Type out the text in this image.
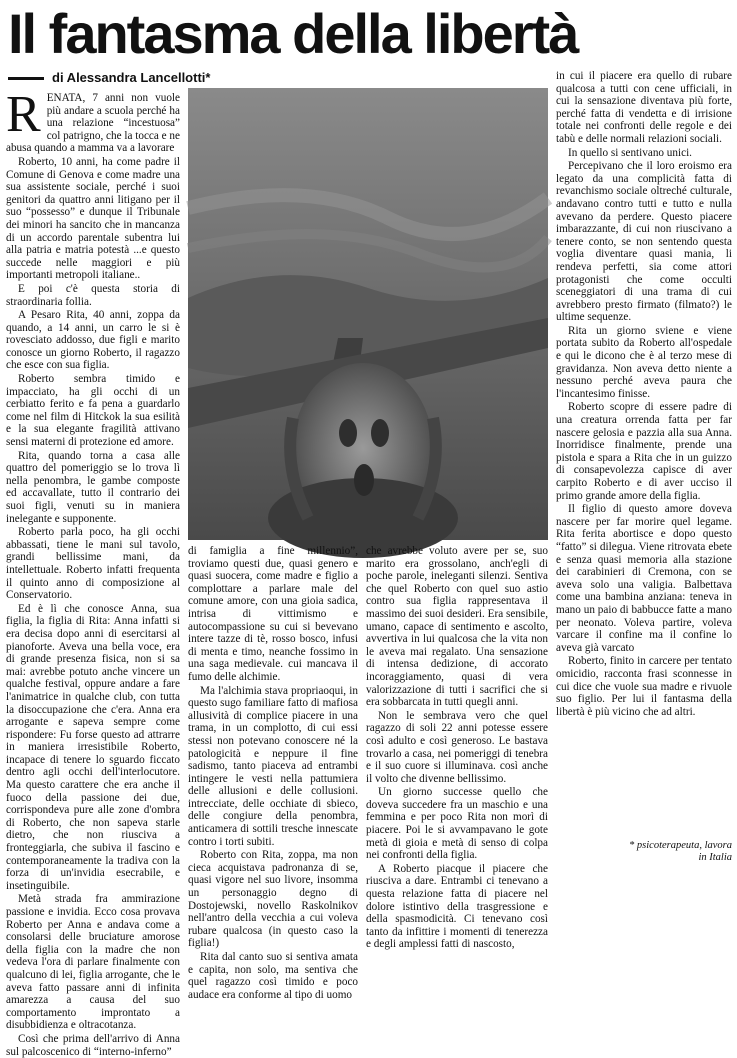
Il fantasma della libertà
di Alessandra Lancellotti*

RENATA, 7 anni non vuole più andare a scuola perché ha una relazione “incestuosa” col patrigno, che la tocca e ne abusa quando a mamma va a lavorare

Roberto, 10 anni, ha come padre il Comune di Genova e come madre una sua assistente sociale, perché i suoi genitori da quattro anni litigano per il suo “possesso” e dunque il Tribunale dei minori ha sancito che in mancanza di un accordo parentale subentra lui alla patria e matria potestà ...e questo succede nelle maggiori e più importanti metropoli italiane..

E poi c'è questa storia di straordinaria follia.

A Pesaro Rita, 40 anni, zoppa da quando, a 14 anni, un carro le si è rovesciato addosso, due figli e marito conosce un giorno Roberto, il ragazzo che esce con sua figlia.

Roberto sembra timido e impacciato, ha gli occhi di un cerbiatto ferito e fa pena a guardarlo come nel film di Hitckok la sua esilità e la sua elegante fragilità attivano sensi materni di protezione ed amore.

Rita, quando torna a casa alle quattro del pomeriggio se lo trova lì nella penombra, le gambe composte ed accavallate, tutto il contrario dei suoi figli, venuti su in maniera inelegante e supponente.

Roberto parla poco, ha gli occhi abbassati, tiene le mani sul tavolo, grandi bellissime mani, da intellettuale. Roberto infatti frequenta il quinto anno di composizione al Conservatorio.

Ed è lì che conosce Anna, sua figlia, la figlia di Rita: Anna infatti si era decisa dopo anni di esercitarsi al pianoforte. Aveva una bella voce, era di grande presenza fisica, non si sa mai: avrebbe potuto anche vincere un qualche festival, oppure andare a fare l'animatrice in qualche club, con tutta la disoccupazione che c'era. Anna era arrogante e sapeva sempre come rispondere: Fu forse questo ad attrarre in maniera irresistibile Roberto, incapace di tenere lo sguardo ficcato dentro agli occhi dell'interlocutore. Ma questo carattere che era anche il fuoco della passione dei due, corrispondeva pure alle zone d'ombra di Roberto, che non sapeva starle dietro, che non riusciva a fronteggiarla, che subiva il fascino e contemporaneamente la tradiva con la forza di un'invidia esecrabile, e insetinguibile.

Metà strada fra ammirazione passione e invidia. Ecco cosa provava Roberto per Anna e andava come a consolarsi delle bruciature amorose della figlia con la madre che non vedeva l'ora di parlare finalmente con qualcuno di lei, figlia arrogante, che le aveva fatto passare anni di infinita amarezza a causa del suo comportamento improntato a disubbidienza e oltracotanza.

Così che prima dell'arrivo di Anna sul palcoscenico di “interno-inferno”

di famiglia a fine millennio”, troviamo questi due, quasi genero e quasi suocera, come madre e figlio a complottare a parlare male del comune amore, con una gioia sadica, intrisa di vittimismo e autocompassione su cui si bevevano intere tazze di tè, rosso bosco, infusi di menta e timo, neanche fossimo in una saga medievale. cui mancava il fumo delle alchimie.

Ma l'alchimia stava propriaoqui, in questo sugo familiare fatto di mafiosa allusività di complice piacere in una trama, in un complotto, di cui essi stessi non potevano conoscere né la patologicità e neppure il fine sadismo, tanto piaceva ad entrambi intingere le vesti nella pattumiera delle allusioni e delle collusioni. intrecciate, delle occhiate di sbieco, delle congiure della penombra, anticamera di sottili tresche innescate contro i torti subiti.

Roberto con Rita, zoppa, ma non cieca acquistava padronanza di se, quasi vigore nel suo livore, insomma un personaggio degno di Dostojewski, novello Raskolnikov nell'antro della vecchia a cui voleva rubare qualcosa (in questo caso la figlia!)

Rita dal canto suo si sentiva amata e capita, non solo, ma sentiva che quel ragazzo così timido e poco audace era conforme al tipo di uomo

che avrebbe voluto avere per se, suo marito era grossolano, anch'egli di poche parole, ineleganti silenzi. Sentiva che quel Roberto con quel suo astio contro sua figlia rappresentava il massimo dei suoi desideri. Era sensibile, umano, capace di sentimento e ascolto, avvertiva in lui qualcosa che la vita non le aveva mai regalato. Una sensazione di intensa dedizione, di accorato incoraggiamento, quasi di vera valorizzazione di tutti i sacrifici che si era sobbarcata in tutti quegli anni.

Non le sembrava vero che quel ragazzo di soli 22 anni potesse essere così adulto e così generoso. Le bastava trovarlo a casa, nei pomeriggi di tenebra e il suo cuore si illuminava. così anche il volto che divenne bellissimo.

Un giorno successe quello che doveva succedere fra un maschio e una femmina e per poco Rita non morì di piacere. Poi le si avvampavano le gote metà di gioia e metà di senso di colpa nei confronti della figlia.

A Roberto piacque il piacere che riusciva a dare. Entrambi ci tenevano a questa relazione fatta di piacere nel dolore istintivo della trasgressione e della spasmodicità. Ci tenevano così tanto da infittire i momenti di tenerezza e degli amplessi fatti di nascosto,

in cui il piacere era quello di rubare qualcosa a tutti con cene ufficiali, in cui la sensazione diventava più forte, perché fatta di vendetta e di irrisione totale nei confronti delle regole e dei tabù e delle normali relazioni sociali.

In quello si sentivano unici.

Percepivano che il loro eroismo era legato da una complicità fatta di revanchismo sociale oltreché culturale, andavano contro tutti e tutto e nulla avevano da perdere. Questo piacere imbarazzante, di cui non riuscivano a tenere conto, se non sentendo questa voglia diventare quasi mania, li rendeva perfetti, sia come attori protagonisti che come occulti sceneggiatori di una trama di cui avrebbero presto firmato (filmato?) le ultime sequenze.

Rita un giorno sviene e viene portata subito da Roberto all'ospedale e qui le dicono che è al terzo mese di gravidanza. Non aveva detto niente a nessuno perché aveva paura che l'incantesimo finisse.

Roberto scopre di essere padre di una creatura orrenda fatta per far nascere gelosia e pazzia alla sua Anna. Inorridisce finalmente, prende una pistola e spara a Rita che in un guizzo di consapevolezza capisce di aver carpito Roberto e di aver ucciso il primo grande amore della figlia.

Il figlio di questo amore doveva nascere per far morire quel legame. Rita ferita abortisce e dopo questo “fatto” si dilegua. Viene ritrovata ebete e senza quasi memoria alla stazione dei carabinieri di Cremona, con se aveva solo una valigia. Balbettava come una bambina anziana: teneva in mano un paio di babbucce fatte a mano per neonato. Voleva partire, voleva varcare il confine ma il confine lo aveva già varcato

Roberto, finito in carcere per tentato omicidio, racconta frasi sconnesse in cui dice che vuole sua madre e rivuole suo figlio. Per lui il fantasma della libertà è più vicino che ad altri.

* psicoterapeuta, lavora
in Italia
